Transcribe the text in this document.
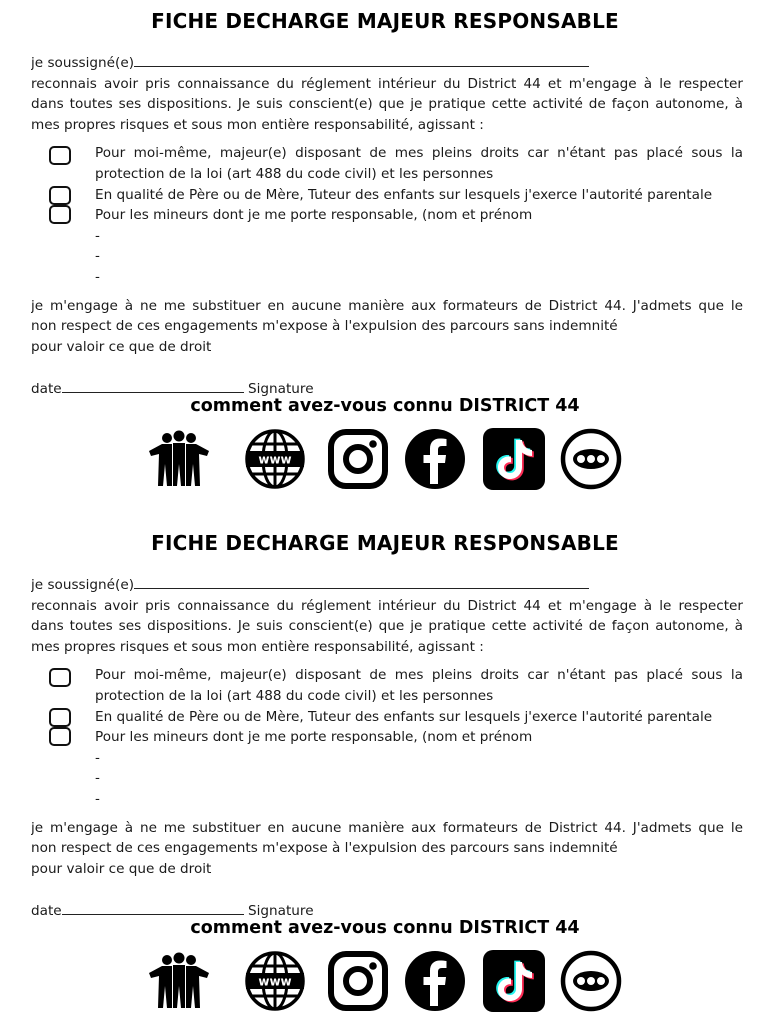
FICHE DECHARGE MAJEUR RESPONSABLE
je soussigné(e)
reconnais avoir pris connaissance du réglement intérieur du District 44 et m'engage à le respecter
dans toutes ses dispositions. Je suis conscient(e) que je pratique cette activité de façon autonome, à
mes propres risques et sous mon entière responsabilité, agissant :
Pour moi-même, majeur(e) disposant de mes pleins droits car n'étant pas placé sous la
protection de la loi (art 488 du code civil) et les personnes
En qualité de Père ou de Mère, Tuteur des enfants sur lesquels j'exerce l'autorité parentale
Pour les mineurs dont je me porte responsable, (nom et prénom
-
-
-
je m'engage à ne me substituer en aucune manière aux formateurs de District 44. J'admets que le
non respect de ces engagements m'expose à l'expulsion des parcours sans indemnité
pour valoir ce que de droit
date	Signature
comment avez-vous connu DISTRICT 44
FICHE DECHARGE MAJEUR RESPONSABLE
je soussigné(e)
reconnais avoir pris connaissance du réglement intérieur du District 44 et m'engage à le respecter
dans toutes ses dispositions. Je suis conscient(e) que je pratique cette activité de façon autonome, à
mes propres risques et sous mon entière responsabilité, agissant :
Pour moi-même, majeur(e) disposant de mes pleins droits car n'étant pas placé sous la
protection de la loi (art 488 du code civil) et les personnes
En qualité de Père ou de Mère, Tuteur des enfants sur lesquels j'exerce l'autorité parentale
Pour les mineurs dont je me porte responsable, (nom et prénom
-
-
-
je m'engage à ne me substituer en aucune manière aux formateurs de District 44. J'admets que le
non respect de ces engagements m'expose à l'expulsion des parcours sans indemnité
pour valoir ce que de droit
date	Signature
comment avez-vous connu DISTRICT 44
